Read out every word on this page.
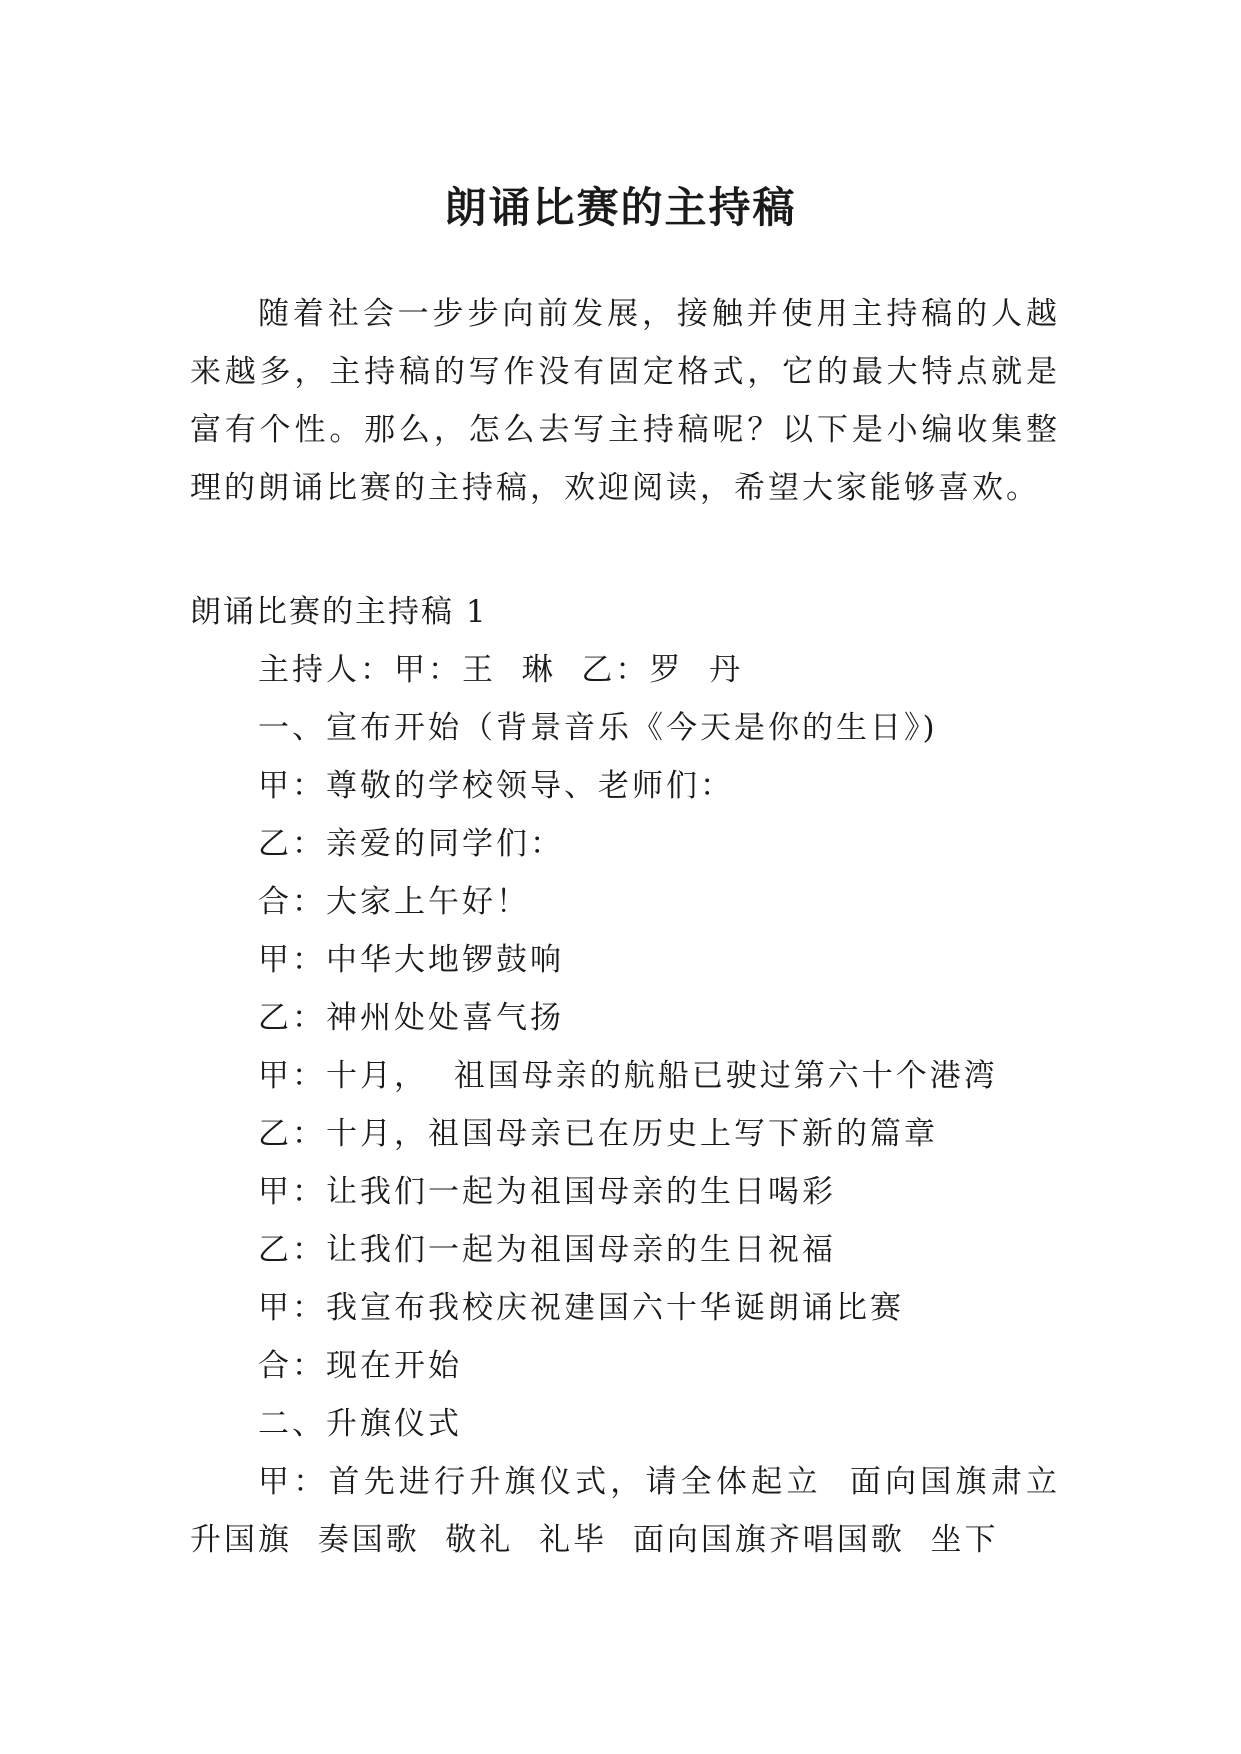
朗诵比赛的主持稿

随着社会一步步向前发展，接触并使用主持稿的人越来越多，主持稿的写作没有固定格式，它的最大特点就是富有个性。那么，怎么去写主持稿呢？以下是小编收集整理的朗诵比赛的主持稿，欢迎阅读，希望大家能够喜欢。

朗诵比赛的主持稿 1

主持人：甲：王  琳  乙：罗  丹
一、宣布开始（背景音乐《今天是你的生日》)
甲：尊敬的学校领导、老师们：
乙：亲爱的同学们：
合：大家上午好！
甲：中华大地锣鼓响
乙：神州处处喜气扬
甲：十月，  祖国母亲的航船已驶过第六十个港湾
乙：十月，祖国母亲已在历史上写下新的篇章
甲：让我们一起为祖国母亲的生日喝彩
乙：让我们一起为祖国母亲的生日祝福
甲：我宣布我校庆祝建国六十华诞朗诵比赛
合：现在开始
二、升旗仪式
甲：首先进行升旗仪式，请全体起立  面向国旗肃立  升国旗  奏国歌  敬礼  礼毕  面向国旗齐唱国歌  坐下
